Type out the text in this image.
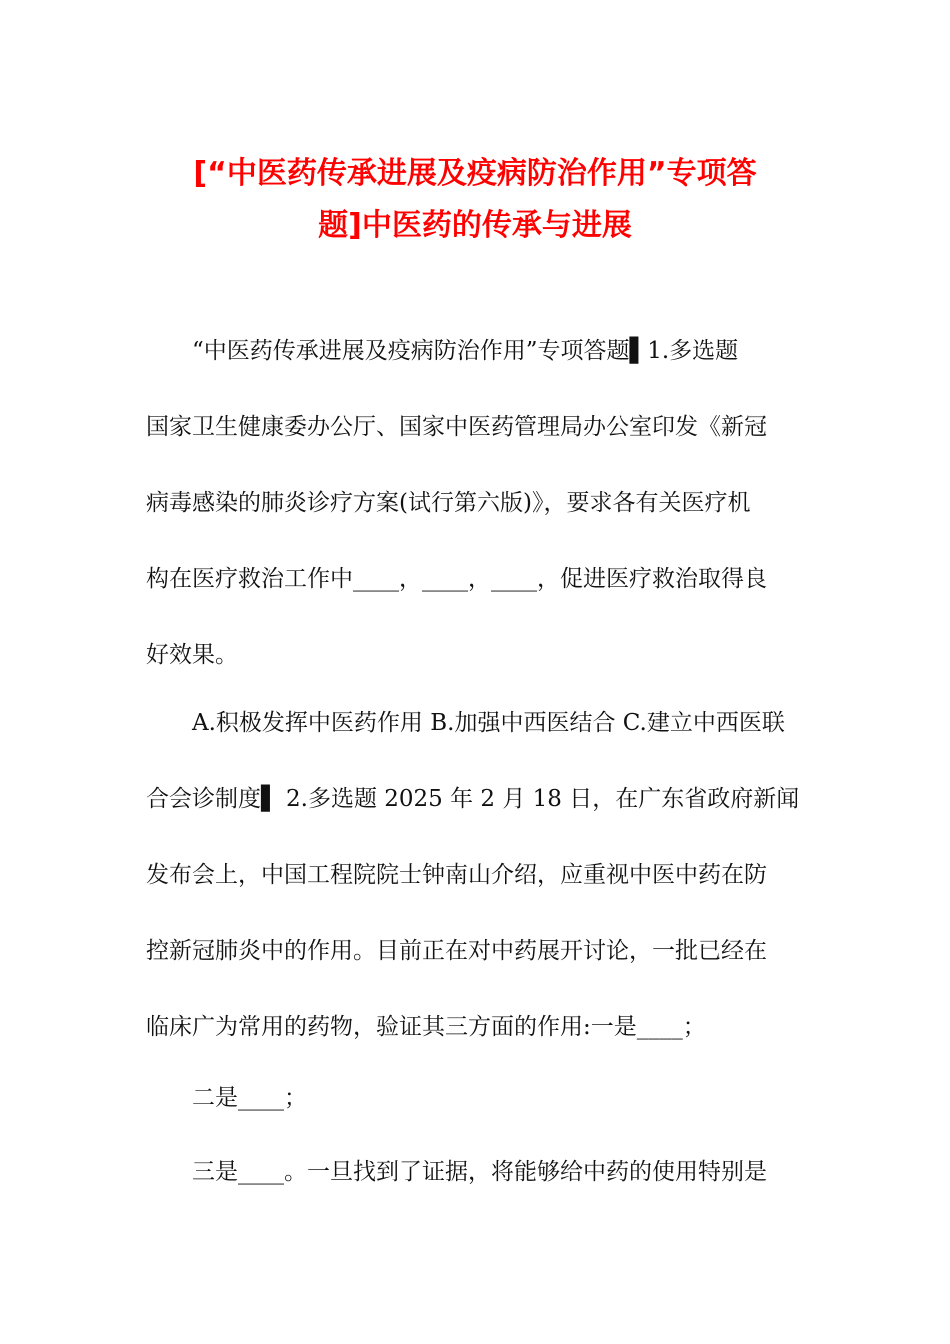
[“中医药传承进展及疫病防治作用”专项答
题]中医药的传承与进展
“中医药传承进展及疫病防治作用”专项答题▌1.多选题
国家卫生健康委办公厅、国家中医药管理局办公室印发《新冠
病毒感染的肺炎诊疗方案(试行第六版)》，要求各有关医疗机
构在医疗救治工作中____，____，____，促进医疗救治取得良
好效果。
A.积极发挥中医药作用 B.加强中西医结合 C.建立中西医联
合会诊制度▌ 2.多选题 2025 年 2 月 18 日，在广东省政府新闻
发布会上，中国工程院院士钟南山介绍，应重视中医中药在防
控新冠肺炎中的作用。目前正在对中药展开讨论，一批已经在
临床广为常用的药物，验证其三方面的作用:一是____；
二是____；
三是____。一旦找到了证据，将能够给中药的使用特别是
